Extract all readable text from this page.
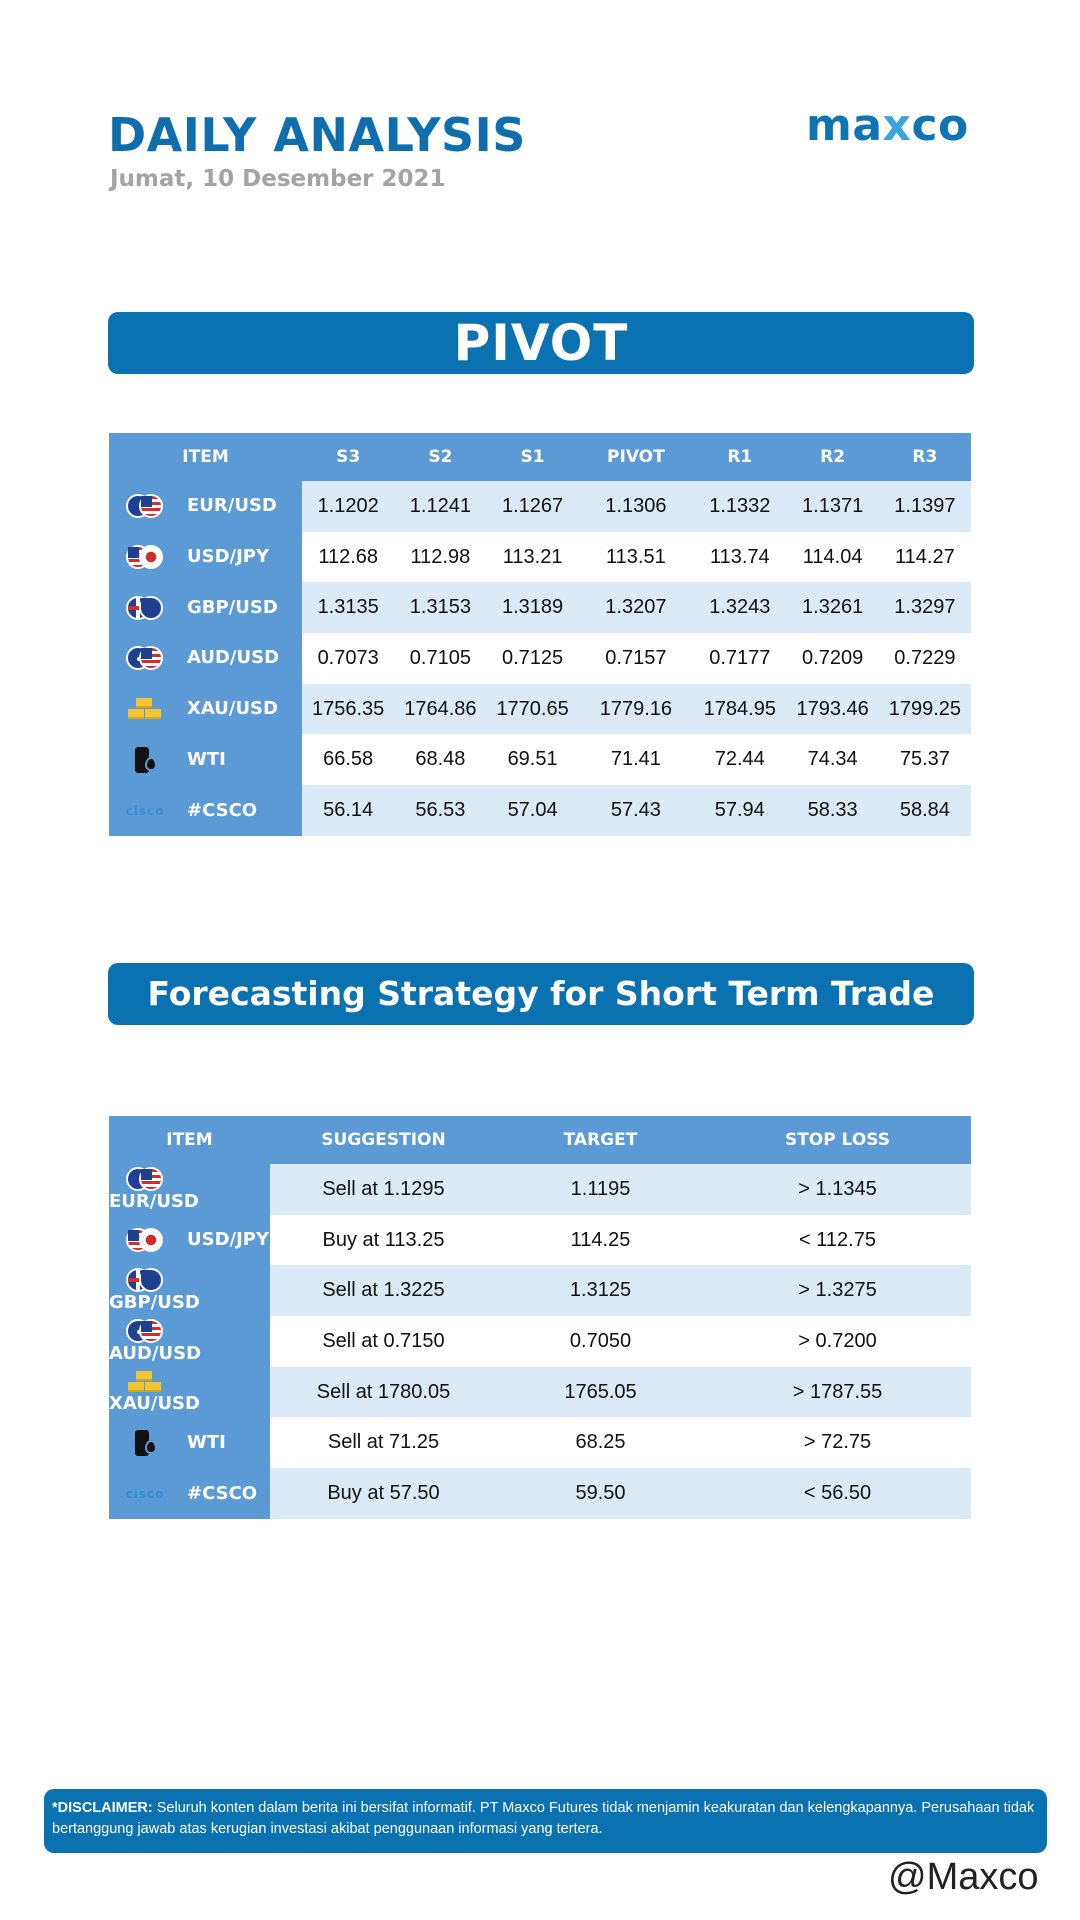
DAILY ANALYSIS
Jumat, 10 Desember 2021
maxco
PIVOT
ITEM	S3	S2	S1	PIVOT	R1	R2	R3

EUR/USD	1.1202	1.1241	1.1267	1.1306	1.1332	1.1371	1.1397

USD/JPY	112.68	112.98	113.21	113.51	113.74	114.04	114.27

GBP/USD	1.3135	1.3153	1.3189	1.3207	1.3243	1.3261	1.3297

AUD/USD	0.7073	0.7105	0.7125	0.7157	0.7177	0.7209	0.7229

XAU/USD	1756.35	1764.86	1770.65	1779.16	1784.95	1793.46	1799.25

WTI	66.58	68.48	69.51	71.41	72.44	74.34	75.37
cisco #CSCO	56.14	56.53	57.04	57.43	57.94	58.33	58.84
Forecasting Strategy for Short Term Trade
ITEM	SUGGESTION	TARGET	STOP LOSS

EUR/USD	Sell at 1.1295	1.1195	> 1.1345

USD/JPY	Buy at 113.25	114.25	< 112.75

GBP/USD	Sell at 1.3225	1.3125	> 1.3275

AUD/USD	Sell at 0.7150	0.7050	> 0.7200

XAU/USD	Sell at 1780.05	1765.05	> 1787.55

WTI	Sell at 71.25	68.25	> 72.75
cisco #CSCO	Buy at 57.50	59.50	< 56.50
*DISCLAIMER: Seluruh konten dalam berita ini bersifat informatif. PT Maxco Futures tidak menjamin keakuratan dan kelengkapannya. Perusahaan tidak bertanggung jawab atas kerugian investasi akibat penggunaan informasi yang tertera.
@Maxco
